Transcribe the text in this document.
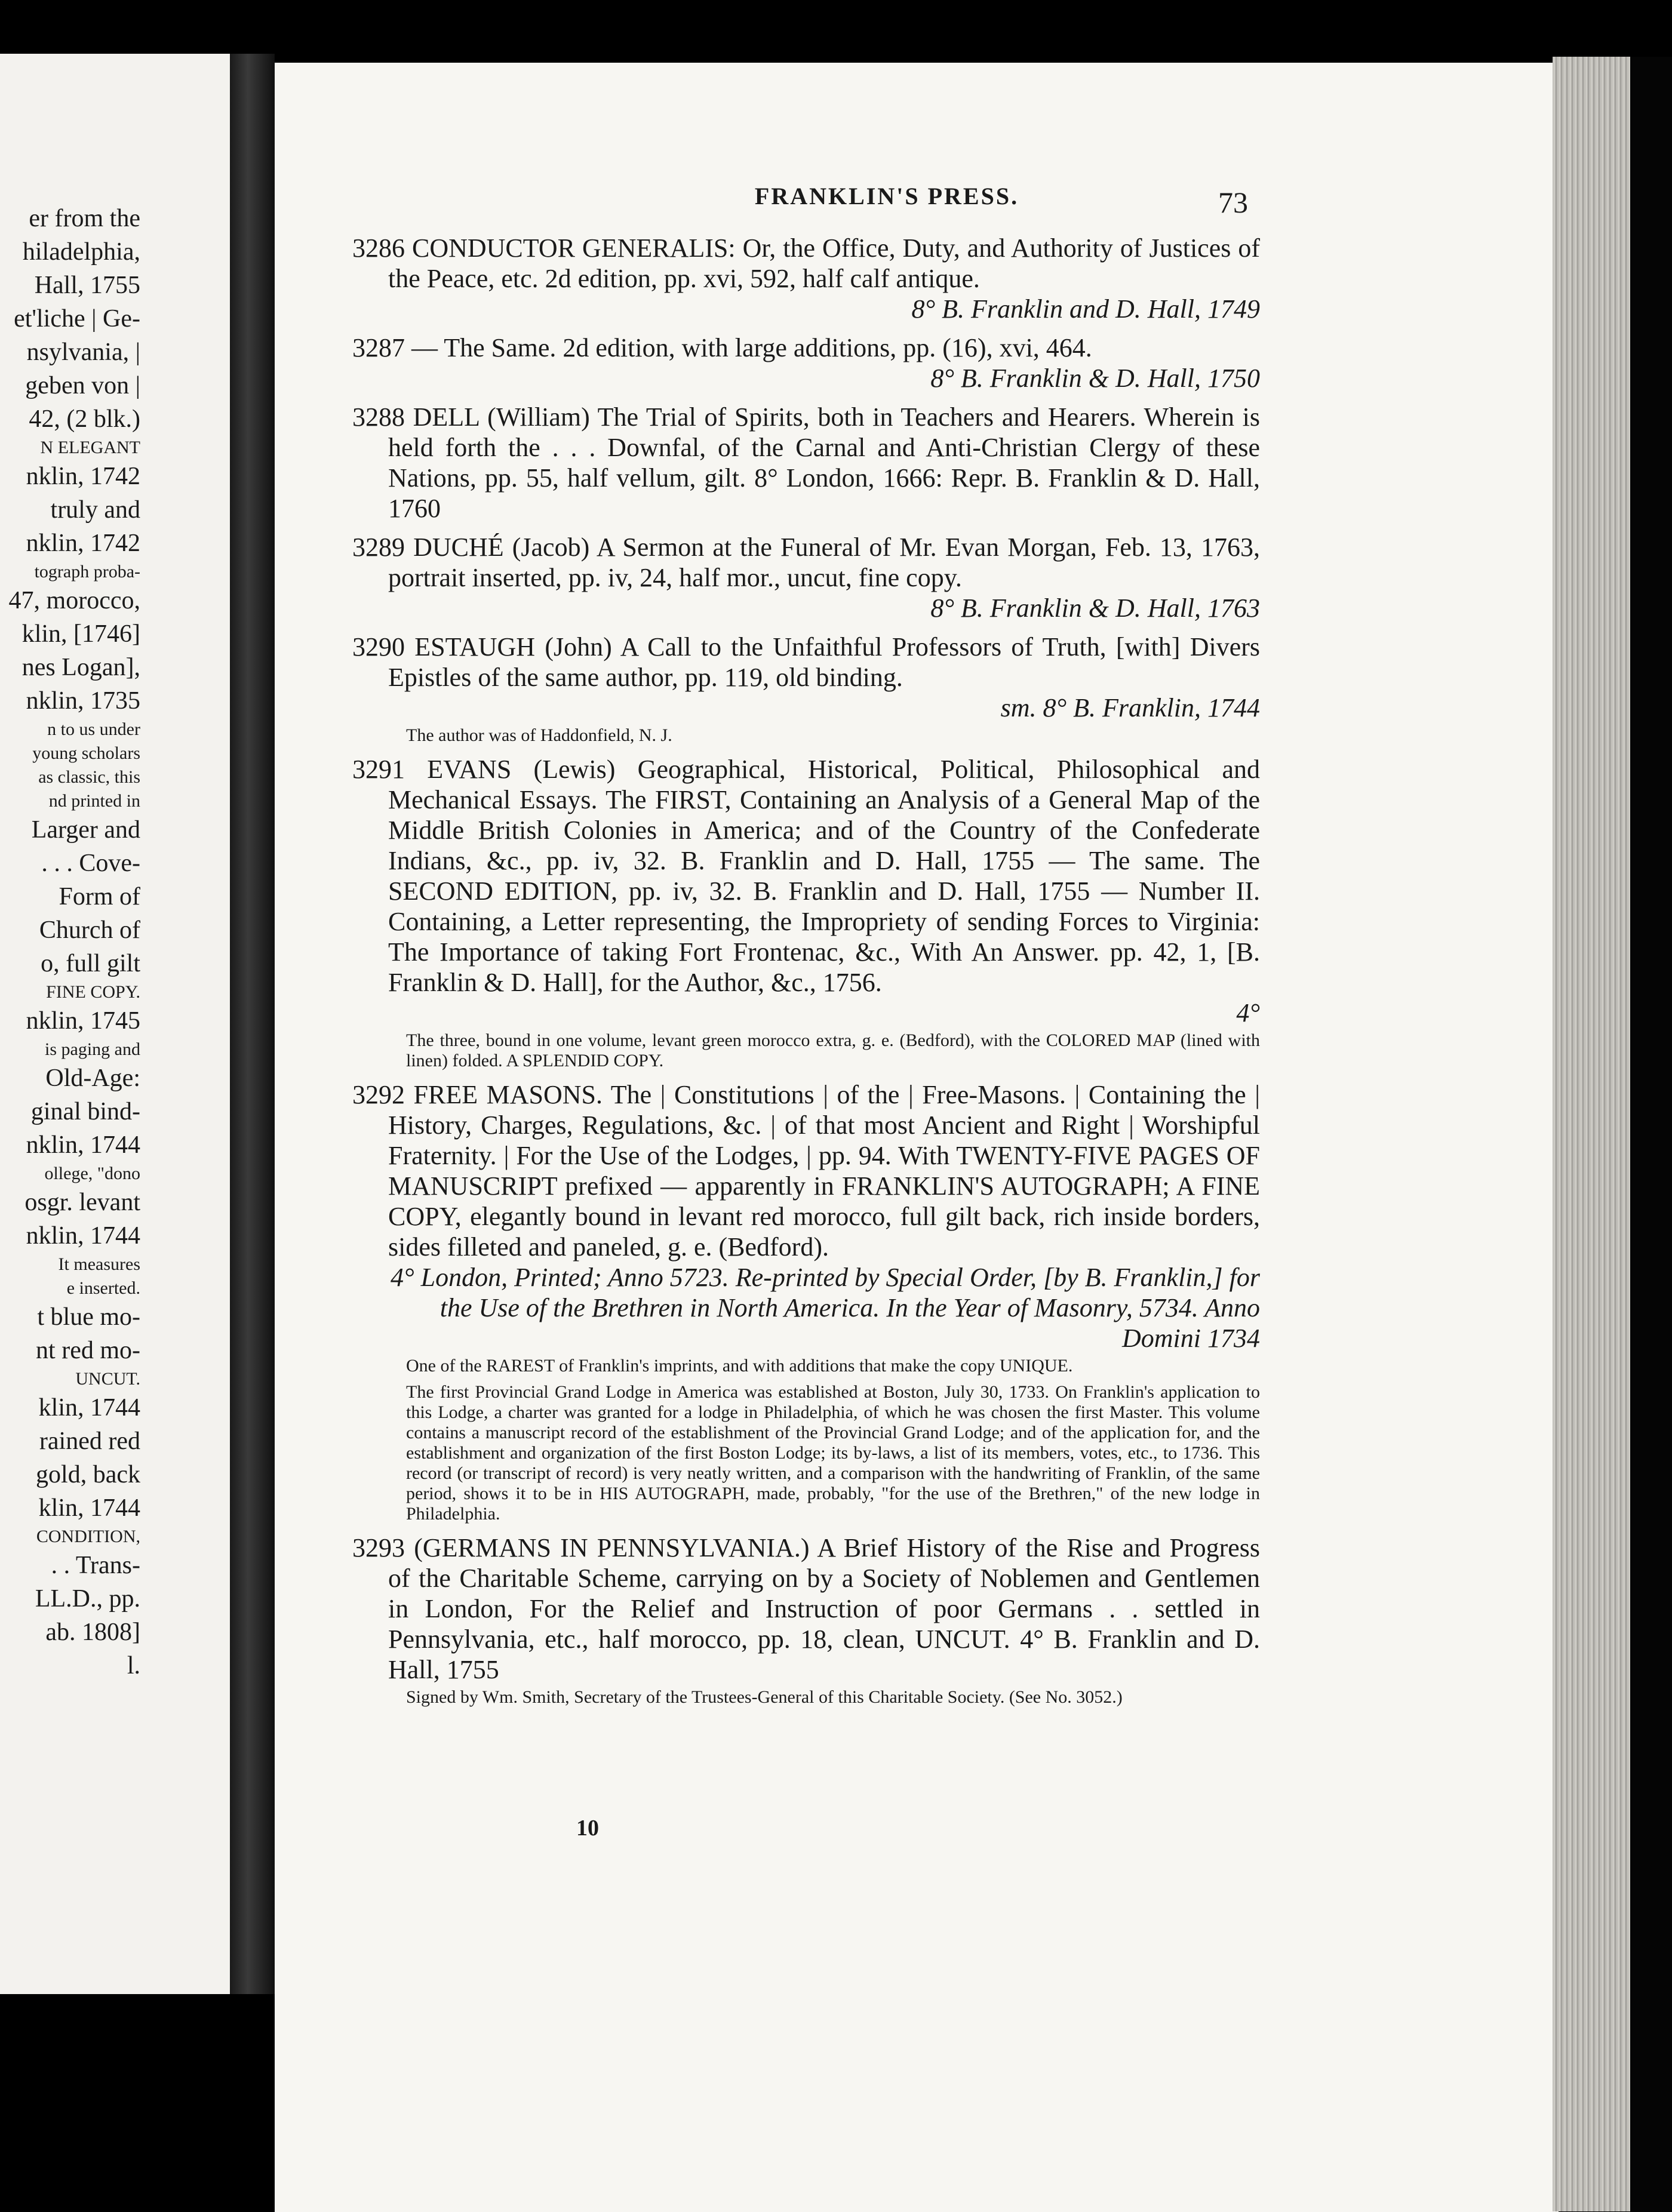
er from the
hiladelphia,
Hall, 1755
et'liche | Ge-
nsylvania, |
geben von |
42, (2 blk.)
N ELEGANT
nklin, 1742
truly and
nklin, 1742
tograph proba-
47, morocco,
klin, [1746]
nes Logan],
nklin, 1735
n to us under
young scholars
as classic, this
nd printed in
Larger and
. . . Cove-
Form of
Church of
o, full gilt
FINE COPY.
nklin, 1745
is paging and
Old-Age:
ginal bind-
nklin, 1744
ollege, "dono
osgr. levant
nklin, 1744
It measures
e inserted.
t blue mo-
nt red mo-
UNCUT.
klin, 1744
rained red
gold, back
klin, 1744
CONDITION,
. . Trans-
LL.D., pp.
ab. 1808]
l.
FRANKLIN'S PRESS.	73

3286 CONDUCTOR GENERALIS: Or, the Office, Duty, and Authority of Justices of the Peace, etc. 2d edition, pp. xvi, 592, half calf antique.

8° B. Franklin and D. Hall, 1749

3287 — The Same. 2d edition, with large additions, pp. (16), xvi, 464.

8° B. Franklin & D. Hall, 1750

3288 DELL (William) The Trial of Spirits, both in Teachers and Hearers. Wherein is held forth the . . . Downfal, of the Carnal and Anti-Christian Clergy of these Nations, pp. 55, half vellum, gilt. 8° London, 1666: Repr. B. Franklin & D. Hall, 1760

3289 DUCHÉ (Jacob) A Sermon at the Funeral of Mr. Evan Morgan, Feb. 13, 1763, portrait inserted, pp. iv, 24, half mor., uncut, fine copy.

8° B. Franklin & D. Hall, 1763

3290 ESTAUGH (John) A Call to the Unfaithful Professors of Truth, [with] Divers Epistles of the same author, pp. 119, old binding.

sm. 8° B. Franklin, 1744

The author was of Haddonfield, N. J.

3291 EVANS (Lewis) Geographical, Historical, Political, Philosophical and Mechanical Essays. The FIRST, Containing an Analysis of a General Map of the Middle British Colonies in America; and of the Country of the Confederate Indians, &c., pp. iv, 32. B. Franklin and D. Hall, 1755 — The same. The SECOND EDITION, pp. iv, 32. B. Franklin and D. Hall, 1755 — Number II. Containing, a Letter representing, the Impropriety of sending Forces to Virginia: The Importance of taking Fort Frontenac, &c., With An Answer. pp. 42, 1, [B. Franklin & D. Hall], for the Author, &c., 1756.

4°

The three, bound in one volume, levant green morocco extra, g. e. (Bedford), with the COLORED MAP (lined with linen) folded. A SPLENDID COPY.

3292 FREE MASONS. The | Constitutions | of the | Free-Masons. | Containing the | History, Charges, Regulations, &c. | of that most Ancient and Right | Worshipful Fraternity. | For the Use of the Lodges, | pp. 94. With TWENTY-FIVE PAGES OF MANUSCRIPT prefixed — apparently in FRANKLIN'S AUTOGRAPH; A FINE COPY, elegantly bound in levant red morocco, full gilt back, rich inside borders, sides filleted and paneled, g. e. (Bedford).

4° London, Printed; Anno 5723. Re-printed by Special Order, [by B. Franklin,] for the Use of the Brethren in North America. In the Year of Masonry, 5734. Anno Domini 1734

One of the RAREST of Franklin's imprints, and with additions that make the copy UNIQUE.
The first Provincial Grand Lodge in America was established at Boston, July 30, 1733. On Franklin's application to this Lodge, a charter was granted for a lodge in Philadelphia, of which he was chosen the first Master. This volume contains a manuscript record of the establishment of the Provincial Grand Lodge; and of the application for, and the establishment and organization of the first Boston Lodge; its by-laws, a list of its members, votes, etc., to 1736. This record (or transcript of record) is very neatly written, and a comparison with the handwriting of Franklin, of the same period, shows it to be in HIS AUTOGRAPH, made, probably, "for the use of the Brethren," of the new lodge in Philadelphia.

3293 (GERMANS IN PENNSYLVANIA.) A Brief History of the Rise and Progress of the Charitable Scheme, carrying on by a Society of Noblemen and Gentlemen in London, For the Relief and Instruction of poor Germans . . settled in Pennsylvania, etc., half morocco, pp. 18, clean, UNCUT. 4° B. Franklin and D. Hall, 1755

Signed by Wm. Smith, Secretary of the Trustees-General of this Charitable Society. (See No. 3052.)
10
